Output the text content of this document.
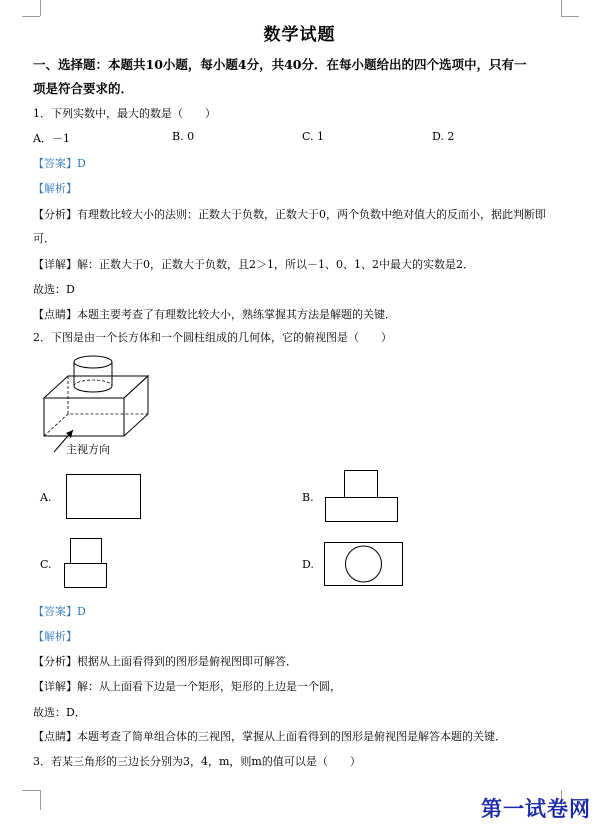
数学试题
一、选择题：本题共10小题，每小题4分，共40分．在每小题给出的四个选项中，只有一
项是符合要求的．
1．下列实数中，最大的数是（　　）
A．－1	B. 0	C. 1	D. 2
【答案】D
【解析】
【分析】有理数比较大小的法则：正数大于负数，正数大于0，两个负数中绝对值大的反而小，据此判断即
可．
【详解】解：正数大于0，正数大于负数，且2＞1，所以－1、0、1、2中最大的实数是2．
故选：D
【点睛】本题主要考查了有理数比较大小，熟练掌握其方法是解题的关键．
2．下图是由一个长方体和一个圆柱组成的几何体，它的俯视图是（　　）
主视方向
A.	B.
C.	D.
【答案】D
【解析】
【分析】根据从上面看得到的图形是俯视图即可解答．
【详解】解：从上面看下边是一个矩形，矩形的上边是一个圆，
故选：D．
【点睛】本题考查了简单组合体的三视图，掌握从上面看得到的图形是俯视图是解答本题的关键．
3．若某三角形的三边长分别为3，4，m，则m的值可以是（　　）
第一试卷网
